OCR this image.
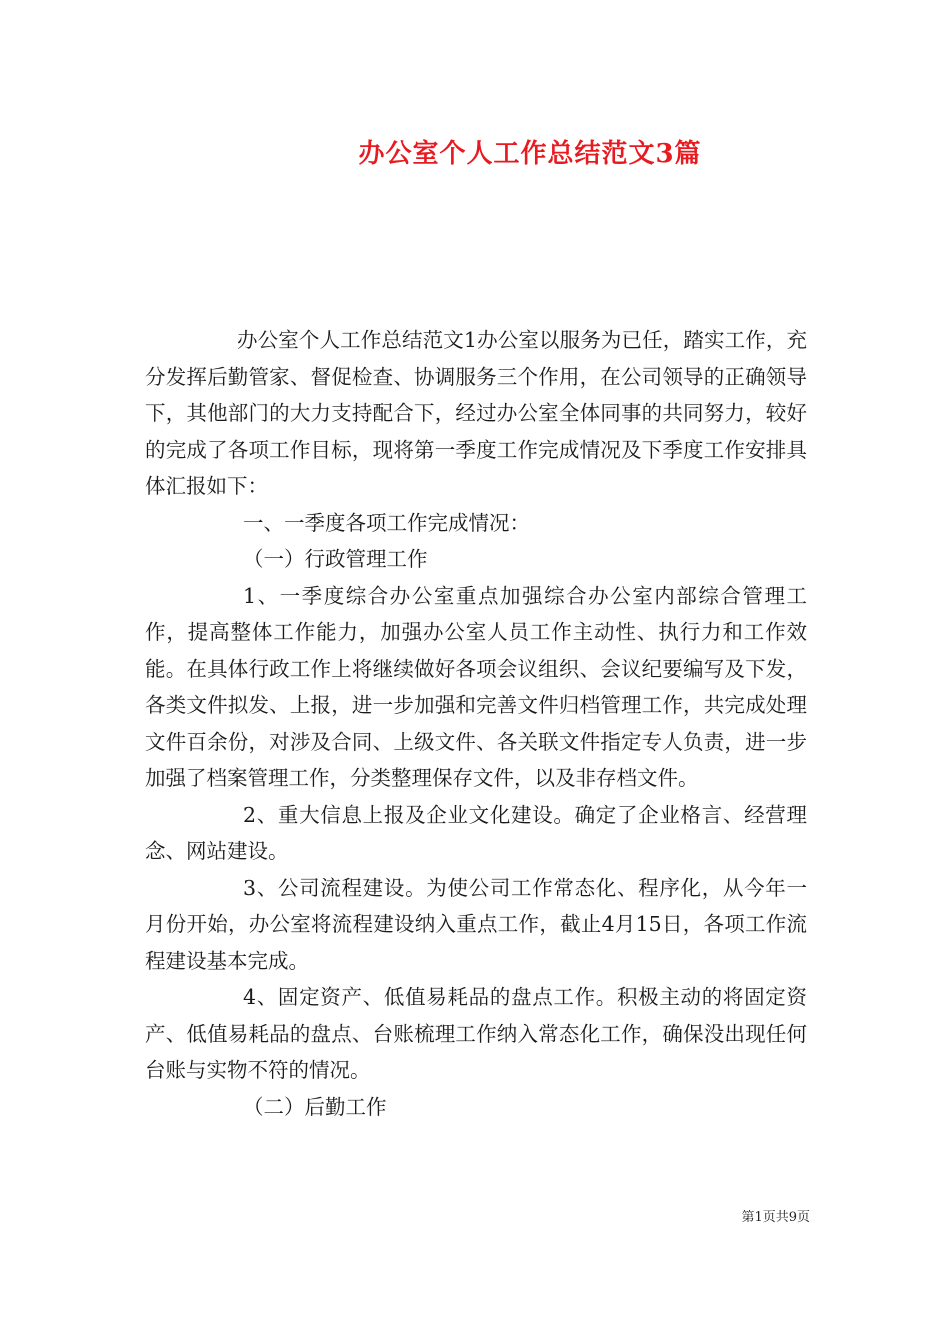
办公室个人工作总结范文3篇

办公室个人工作总结范文1办公室以服务为已任，踏实工作，充分发挥后勤管家、督促检查、协调服务三个作用，在公司领导的正确领导下，其他部门的大力支持配合下，经过办公室全体同事的共同努力，较好的完成了各项工作目标，现将第一季度工作完成情况及下季度工作安排具体汇报如下：

一、一季度各项工作完成情况：

（一）行政管理工作

1、一季度综合办公室重点加强综合办公室内部综合管理工作，提高整体工作能力，加强办公室人员工作主动性、执行力和工作效能。在具体行政工作上将继续做好各项会议组织、会议纪要编写及下发，各类文件拟发、上报，进一步加强和完善文件归档管理工作，共完成处理文件百余份，对涉及合同、上级文件、各关联文件指定专人负责，进一步加强了档案管理工作，分类整理保存文件，以及非存档文件。

2、重大信息上报及企业文化建设。确定了企业格言、经营理念、网站建设。

3、公司流程建设。为使公司工作常态化、程序化，从今年一月份开始，办公室将流程建设纳入重点工作，截止4月15日，各项工作流程建设基本完成。

4、固定资产、低值易耗品的盘点工作。积极主动的将固定资产、低值易耗品的盘点、台账梳理工作纳入常态化工作，确保没出现任何台账与实物不符的情况。

（二）后勤工作

第1页共9页
